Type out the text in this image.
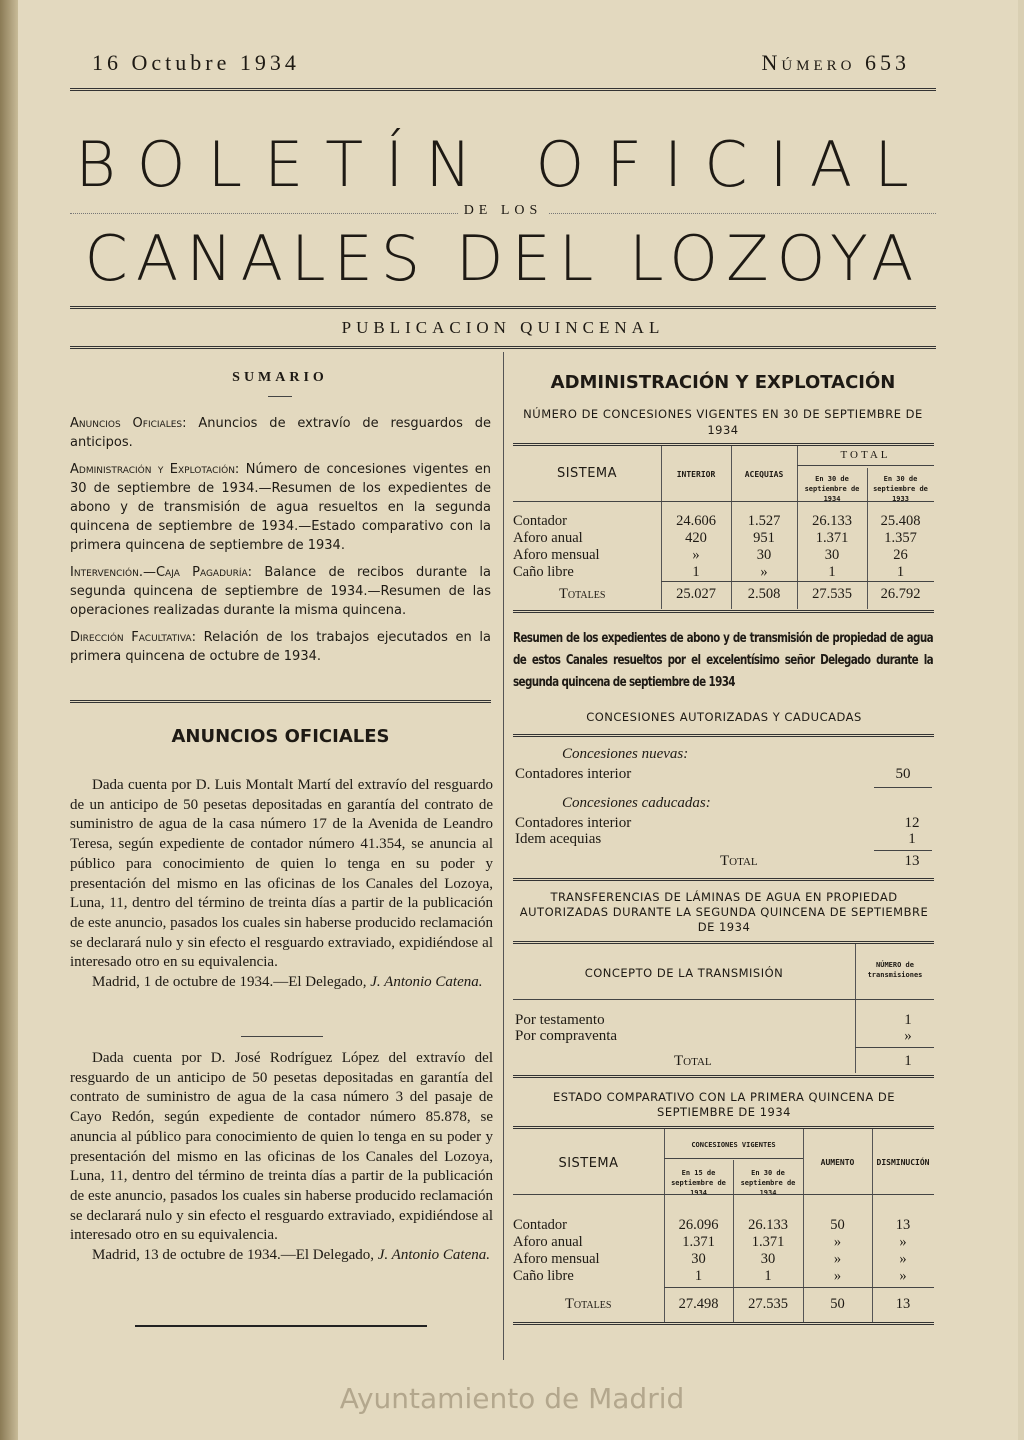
16 Octubre 1934	Número 653
BOLETÍN OFICIAL
DE LOS
CANALES DEL LOZOYA
PUBLICACION QUINCENAL
SUMARIO

Anuncios Oficiales: Anuncios de extravío de resguardos de anticipos.

Administración y Explotación: Número de concesiones vigentes en 30 de septiembre de 1934.—Resumen de los expedientes de abono y de transmisión de agua resueltos en la segunda quincena de septiembre de 1934.—Estado comparativo con la primera quincena de septiembre de 1934.

Intervención.—Caja Pagaduría: Balance de recibos durante la segunda quincena de septiembre de 1934.—Resumen de las operaciones realizadas durante la misma quincena.

Dirección Facultativa: Relación de los trabajos ejecutados en la primera quincena de octubre de 1934.

ANUNCIOS OFICIALES

Dada cuenta por D. Luis Montalt Martí del extravío del resguardo de un anticipo de 50 pesetas depositadas en garantía del contrato de suministro de agua de la casa número 17 de la Avenida de Leandro Teresa, según expediente de contador número 41.354, se anuncia al público para conocimiento de quien lo tenga en su poder y presentación del mismo en las oficinas de los Canales del Lozoya, Luna, 11, dentro del término de treinta días a partir de la publicación de este anuncio, pasados los cuales sin haberse producido reclamación se declarará nulo y sin efecto el resguardo extraviado, expidiéndose al interesado otro en su equivalencia.

Madrid, 1 de octubre de 1934.—El Delegado, J. Antonio Catena.

Dada cuenta por D. José Rodríguez López del extravío del resguardo de un anticipo de 50 pesetas depositadas en garantía del contrato de suministro de agua de la casa número 3 del pasaje de Cayo Redón, según expediente de contador número 85.878, se anuncia al público para conocimiento de quien lo tenga en su poder y presentación del mismo en las oficinas de los Canales del Lozoya, Luna, 11, dentro del término de treinta días a partir de la publicación de este anuncio, pasados los cuales sin haberse producido reclamación se declarará nulo y sin efecto el resguardo extraviado, expidiéndose al interesado otro en su equivalencia.

Madrid, 13 de octubre de 1934.—El Delegado, J. Antonio Catena.

ADMINISTRACIÓN Y EXPLOTACIÓN
NÚMERO DE CONCESIONES VIGENTES EN 30 DE SEPTIEMBRE DE 1934
SISTEMA	INTERIOR	ACEQUIAS
TOTAL
En 30 de septiembre de 1934
En 30 de septiembre de 1933
Contador	24.606	1.527	26.133	25.408
Aforo anual	420	951	1.371	1.357
Aforo mensual	»	30	30	26
Caño libre	1	»	1	1
Totales	25.027	2.508	27.535	26.792
Resumen de los expedientes de abono y de transmisión de propiedad de agua de estos Canales resueltos por el excelentísimo señor Delegado durante la segunda quincena de septiembre de 1934
CONCESIONES AUTORIZADAS Y CADUCADAS
Concesiones nuevas:
Contadores interior	50
Concesiones caducadas:
Contadores interior	12
Idem acequias	1
Total	13
TRANSFERENCIAS DE LÁMINAS DE AGUA EN PROPIEDAD AUTORIZADAS DURANTE LA SEGUNDA QUINCENA DE SEPTIEMBRE DE 1934
CONCEPTO DE LA TRANSMISIÓN
NÚMERO de transmisiones
Por testamento	1
Por compraventa	»
Total	1
ESTADO COMPARATIVO CON LA PRIMERA QUINCENA DE SEPTIEMBRE DE 1934
SISTEMA
CONCESIONES VIGENTES
En 15 de septiembre de 1934
En 30 de septiembre de 1934
AUMENTO	DISMINUCIÓN
Contador	26.096	26.133	50	13
Aforo anual	1.371	1.371	»	»
Aforo mensual	30	30	»	»
Caño libre	1	1	»	»
Totales	27.498	27.535	50	13
Ayuntamiento de Madrid
